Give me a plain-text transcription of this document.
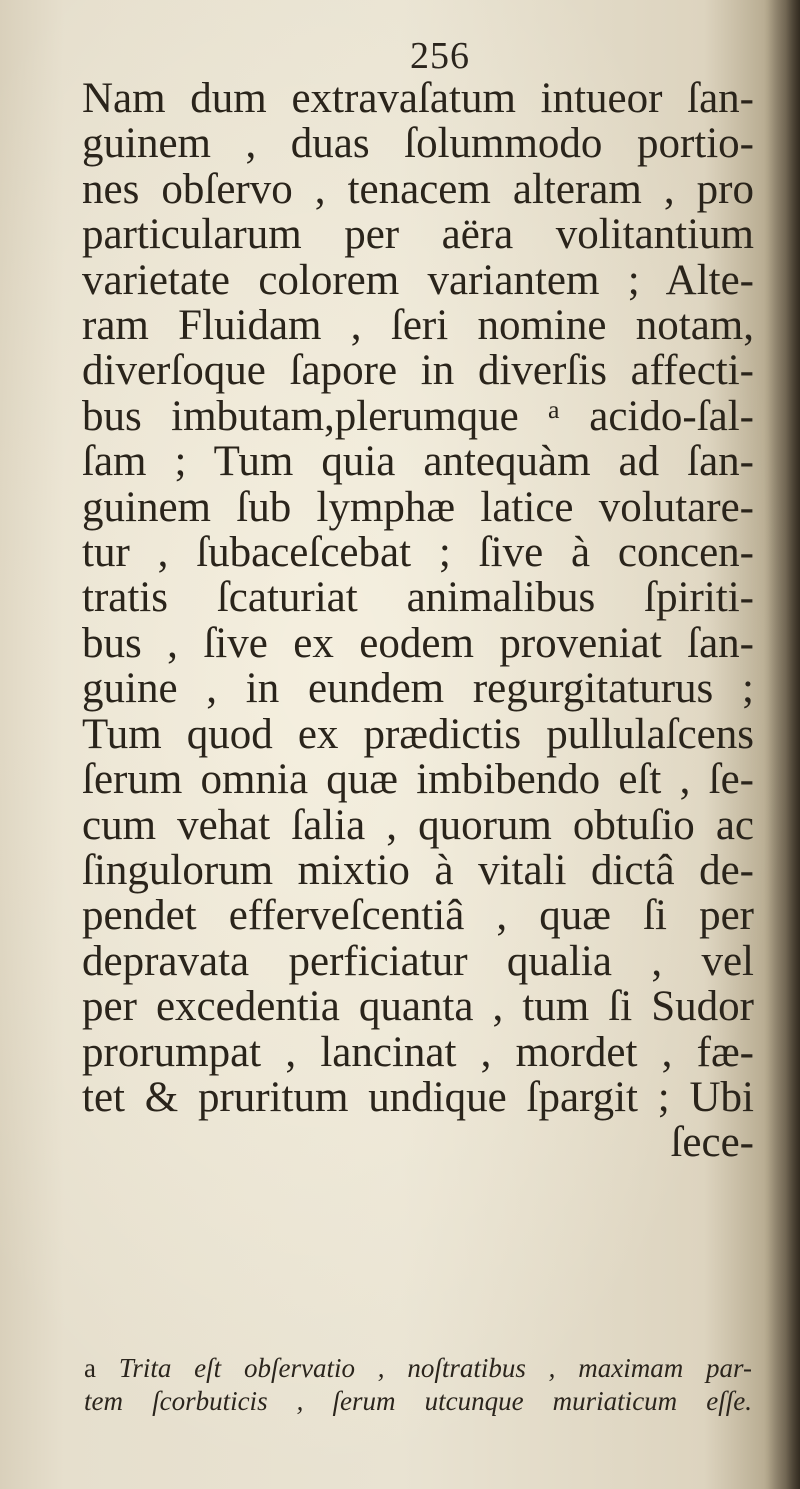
256
Nam dum extravaſatum intueor ſan-
guinem , duas ſolummodo portio-
nes obſervo , tenacem alteram , pro
particularum per aëra volitantium
varietate colorem variantem ; Alte-
ram Fluidam , ſeri nomine notam,
diverſoque ſapore in diverſis affecti-
bus imbutam,plerumque ᵃ acido-ſal-
ſam ; Tum quia antequàm ad ſan-
guinem ſub lymphæ latice volutare-
tur , ſubaceſcebat ; ſive à concen-
tratis ſcaturiat animalibus ſpiriti-
bus , ſive ex eodem proveniat ſan-
guine , in eundem regurgitaturus ;
Tum quod ex prædictis pullulaſcens
ſerum omnia quæ imbibendo eſt , ſe-
cum vehat ſalia , quorum obtuſio ac
ſingulorum mixtio à vitali dictâ de-
pendet efferveſcentiâ , quæ ſi per
depravata perficiatur qualia , vel
per excedentia quanta , tum ſi Sudor
prorumpat , lancinat , mordet , fæ-
tet & pruritum undique ſpargit ; Ubi
ſece-
a Trita eſt obſervatio , noſtratibus , maximam par-
tem ſcorbuticis , ſerum utcunque muriaticum eſſe.
